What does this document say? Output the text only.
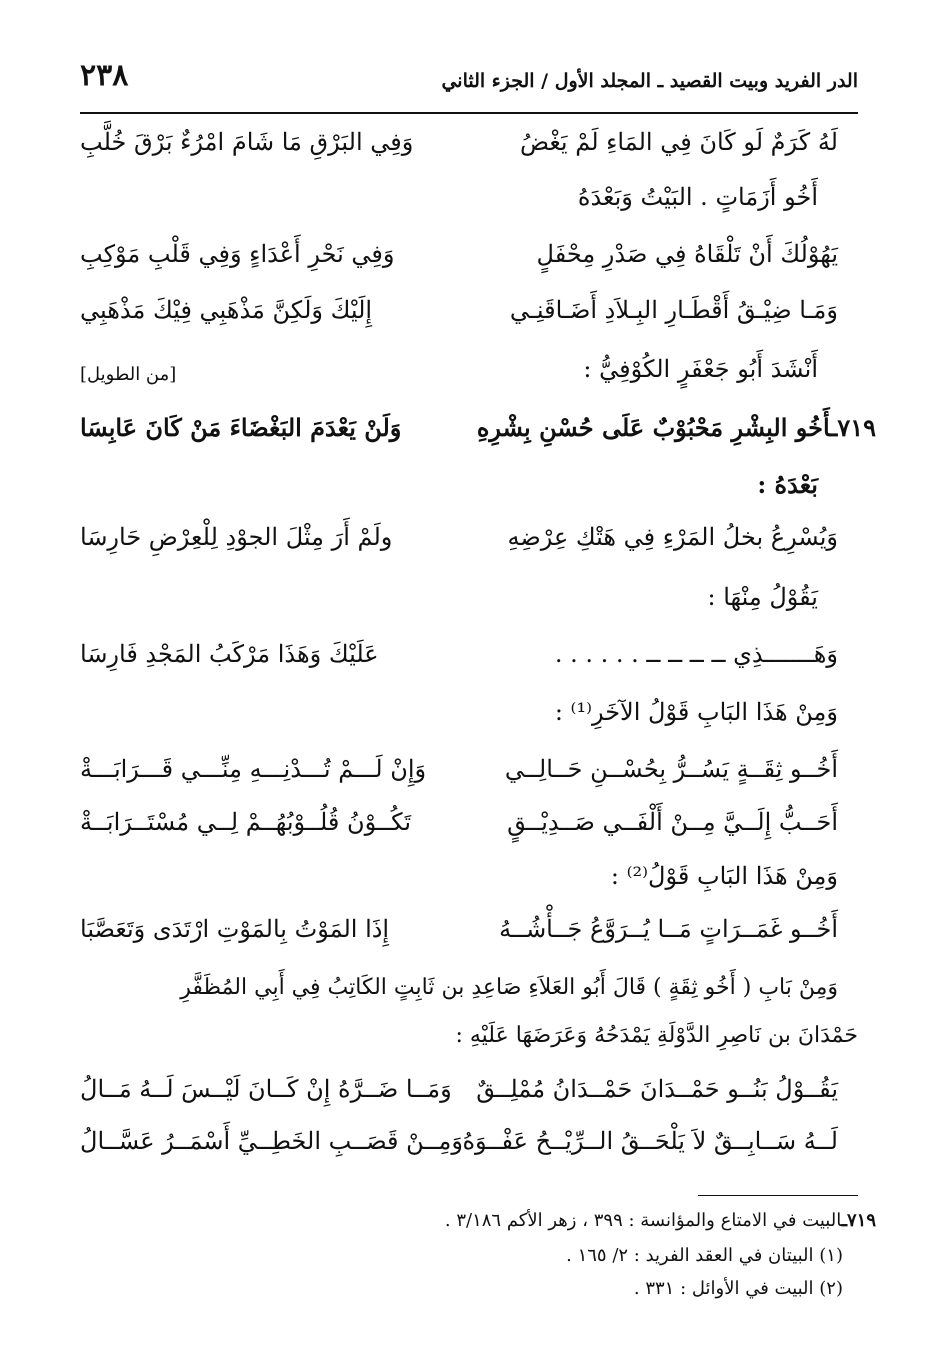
الدر الفريد وبيت القصيد ـ المجلد الأول / الجزء الثاني
٢٣٨
لَهُ كَرَمٌ لَو كَانَ فِي المَاءِ لَمْ يَغْضُ
وَفِي البَرْقِ مَا شَامَ امْرُءٌ بَرْقَ خُلَّبِ
أَخُو أَزَمَاتٍ . البَيْتُ وَبَعْدَهُ
يَهُوْلُكَ أَنْ تَلْقَاهُ فِي صَدْرِ مِحْفَلٍ
وَفِي نَحْرِ أَعْدَاءٍ وَفِي قَلْبِ مَوْكِبِ
وَمَـا ضِيْـقُ أَقْطَـارِ البِـلاَدِ أَضَـاقَنِـي
إِلَيْكَ وَلَكِنَّ مَذْهَبِي فِيْكَ مَذْهَبِي
أَنْشَدَ أَبُو جَعْفَرٍ الكُوْفِيُّ :
[من الطويل]
٧١٩ـأَخُو البِشْرِ مَحْبُوْبٌ عَلَى حُسْنِ بِشْرِهِ
وَلَنْ يَعْدَمَ البَغْضَاءَ مَنْ كَانَ عَابِسَا
بَعْدَهُ :
وَيُسْرِعُ بخلُ المَرْءِ فِي هَتْكِ عِرْضِهِ
ولَمْ أَرَ مِثْلَ الجوْدِ لِلْعِرْضِ حَارِسَا
يَقُوْلُ مِنْهَا :
وَهَـــــــذِي ــ ــ ــ ــ . . . . . .
عَلَيْكَ وَهَذَا مَرْكَبُ المَجْدِ فَارِسَا
وَمِنْ هَذَا البَابِ قَوْلُ الآخَرِ⁽¹⁾ :
أَخُــو ثِقَــةٍ يَسُــرُّ بِحُسْــنِ حَــالِــي
وَإِنْ لَـــمْ تُـــدْنِـــهِ مِنِّـــي قَـــرَابَـــةْ
أَحَــبُّ إِلَــيَّ مِــنْ أَلْفَــي صَــدِيْــقٍ
تَكُــوْنُ قُلُــوْبُهُــمْ لِــي مُسْتَــرَابَــةْ
وَمِنْ هَذَا البَابِ قَوْلُ⁽²⁾ :
أَخُــو غَمَــرَاتٍ مَــا يُــرَوَّعُ جَــأْشُــهُ
إِذَا المَوْتُ بِالمَوْتِ ارْتَدَى وَتَعَصَّبَا
وَمِنْ بَابِ ( أَخُو ثِقَةٍ ) قَالَ أَبُو العَلاَءِ صَاعِدِ بن ثَابِتٍ الكَاتِبُ فِي أَبِي المُظَفَّرِ
حَمْدَانَ بن نَاصِرِ الدَّوْلَةِ يَمْدَحُهُ وَعَرَضَهَا عَلَيْهِ :
يَقُــوْلُ بَنُــو حَمْــدَانَ حَمْــدَانُ مُمْلِــقٌ
وَمَــا ضَــرَّهُ إِنْ كَــانَ لَيْــسَ لَــهُ مَــالُ
لَــهُ سَــابِــقٌ لاَ يَلْحَــقُ الــرِّيْــحُ عَفْــوَهُ
وَمِــنْ قَصَــبِ الخَطِــيِّ أَسْمَــرُ عَسَّــالُ
٧١٩ـالبيت في الامتاع والمؤانسة : ٣٩٩ ، زهر الأكم ٣/١٨٦ .
(١) البيتان في العقد الفريد : ٢/ ١٦٥ .
(٢) البيت في الأوائل : ٣٣١ .
